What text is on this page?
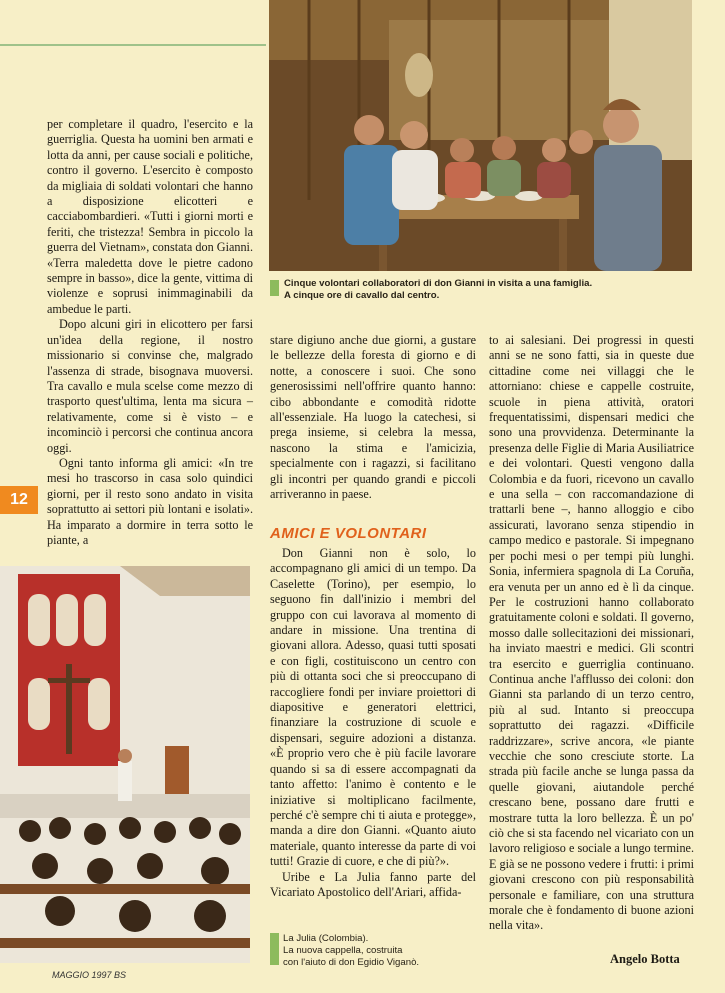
Cinque volontari collaboratori di don Gianni in visita a una famiglia.
A cinque ore di cavallo dal centro.

per completare il quadro, l'esercito e la guerriglia. Questa ha uomini ben armati e lotta da anni, per cause sociali e politiche, contro il governo. L'esercito è composto da migliaia di soldati volontari che hanno a disposizione elicotteri e cacciabombardieri. «Tutti i giorni morti e feriti, che tristezza! Sembra in piccolo la guerra del Vietnam», constata don Gianni. «Terra maledetta dove le pietre cadono sempre in basso», dice la gente, vittima di violenze e soprusi inimmaginabili da ambedue le parti.

Dopo alcuni giri in elicottero per farsi un'idea della regione, il nostro missionario si convinse che, malgrado l'assenza di strade, bisognava muoversi. Tra cavallo e mula scelse come mezzo di trasporto quest'ultima, lenta ma sicura – relativamente, come si è visto – e incominciò i percorsi che continua ancora oggi.

Ogni tanto informa gli amici: «In tre mesi ho trascorso in casa solo quindici giorni, per il resto sono andato in visita soprattutto ai settori più lontani e isolati». Ha imparato a dormire in terra sotto le piante, a

12

stare digiuno anche due giorni, a gustare le bellezze della foresta di giorno e di notte, a conoscere i suoi. Che sono generosissimi nell'offrire quanto hanno: cibo abbondante e comodità ridotte all'essenziale. Ha luogo la catechesi, si prega insieme, si celebra la messa, nascono la stima e l'amicizia, specialmente con i ragazzi, si facilitano gli incontri per quando grandi e piccoli arriveranno in paese.

AMICI E VOLONTARI

Don Gianni non è solo, lo accompagnano gli amici di un tempo. Da Caselette (Torino), per esempio, lo seguono fin dall'inizio i membri del gruppo con cui lavorava al momento di andare in missione. Una trentina di giovani allora. Adesso, quasi tutti sposati e con figli, costituiscono un centro con più di ottanta soci che si preoccupano di raccogliere fondi per inviare proiettori di diapositive e generatori elettrici, finanziare la costruzione di scuole e dispensari, seguire adozioni a distanza. «È proprio vero che è più facile lavorare quando si sa di essere accompagnati da tanto affetto: l'animo è contento e le iniziative si moltiplicano facilmente, perché c'è sempre chi ti aiuta e protegge», manda a dire don Gianni. «Quanto aiuto materiale, quanto interesse da parte di voi tutti! Grazie di cuore, e che di più?».

Uribe e La Julia fanno parte del Vicariato Apostolico dell'Ariari, affida-

to ai salesiani. Dei progressi in questi anni se ne sono fatti, sia in queste due cittadine come nei villaggi che le attorniano: chiese e cappelle costruite, scuole in piena attività, oratori frequentatissimi, dispensari medici che sono una provvidenza. Determinante la presenza delle Figlie di Maria Ausiliatrice e dei volontari. Questi vengono dalla Colombia e da fuori, ricevono un cavallo e una sella – con raccomandazione di trattarli bene –, hanno alloggio e cibo assicurati, lavorano senza stipendio in campo medico e pastorale. Si impegnano per pochi mesi o per tempi più lunghi. Sonia, infermiera spagnola di La Coruña, era venuta per un anno ed è lì da cinque. Per le costruzioni hanno collaborato gratuitamente coloni e soldati. Il governo, mosso dalle sollecitazioni dei missionari, ha inviato maestri e medici. Gli scontri tra esercito e guerriglia continuano. Continua anche l'afflusso dei coloni: don Gianni sta parlando di un terzo centro, più al sud. Intanto si preoccupa soprattutto dei ragazzi. «Difficile raddrizzare», scrive ancora, «le piante vecchie che sono cresciute storte. La strada più facile anche se lunga passa da quelle giovani, aiutandole perché crescano bene, possano dare frutti e mostrare tutta la loro bellezza. È un po' ciò che si sta facendo nel vicariato con un lavoro religioso e sociale a lungo termine. E già se ne possono vedere i frutti: i primi giovani crescono con più responsabilità personale e familiare, con una struttura morale che è fondamento di buone azioni nella vita».

La Julia (Colombia).
La nuova cappella, costruita
con l'aiuto di don Egidio Viganò.	Angelo Botta
MAGGIO 1997 BS
